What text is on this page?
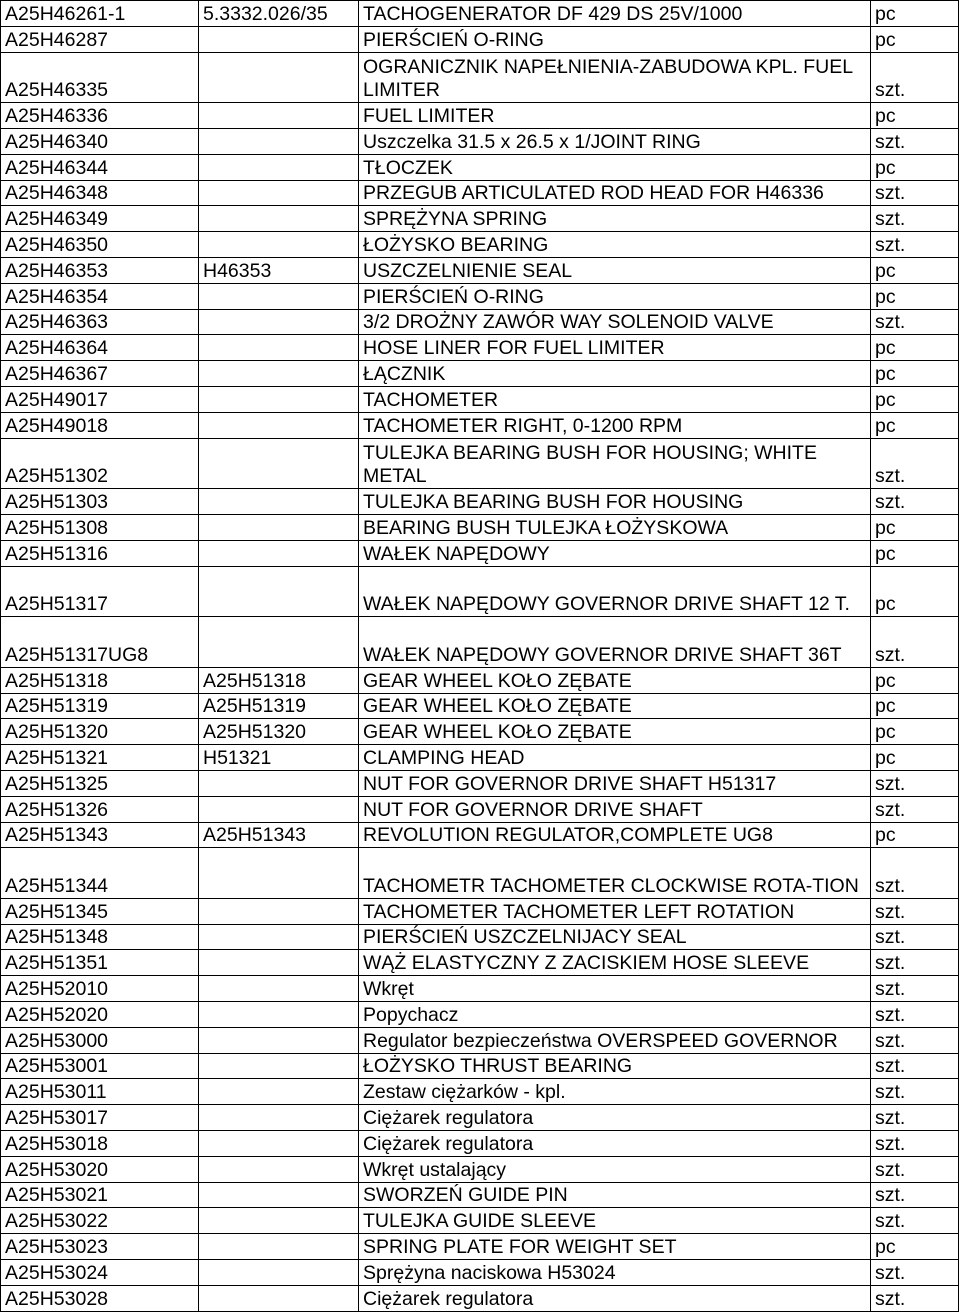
A25H46261-1	5.3332.026/35	TACHOGENERATOR DF 429 DS 25V/1000	pc
A25H46287		PIERŚCIEŃ O-RING	pc
A25H46335		OGRANICZNIK NAPEŁNIENIA-ZABUDOWA KPL. FUEL LIMITER	szt.
A25H46336		FUEL LIMITER	pc
A25H46340		Uszczelka 31.5 x 26.5 x 1/JOINT RING	szt.
A25H46344		TŁOCZEK	pc
A25H46348		PRZEGUB ARTICULATED ROD HEAD FOR H46336	szt.
A25H46349		SPRĘŻYNA SPRING	szt.
A25H46350		ŁOŻYSKO BEARING	szt.
A25H46353	H46353	USZCZELNIENIE SEAL	pc
A25H46354		PIERŚCIEŃ O-RING	pc
A25H46363		3/2 DROŻNY ZAWÓR WAY SOLENOID VALVE	szt.
A25H46364		HOSE LINER FOR FUEL LIMITER	pc
A25H46367		ŁĄCZNIK	pc
A25H49017		TACHOMETER	pc
A25H49018		TACHOMETER RIGHT, 0-1200 RPM	pc
A25H51302		TULEJKA BEARING BUSH FOR HOUSING; WHITE METAL	szt.
A25H51303		TULEJKA BEARING BUSH FOR HOUSING	szt.
A25H51308		BEARING BUSH TULEJKA ŁOŻYSKOWA	pc
A25H51316		WAŁEK NAPĘDOWY	pc
A25H51317		WAŁEK NAPĘDOWY GOVERNOR DRIVE SHAFT 12 T.	pc
A25H51317UG8		WAŁEK NAPĘDOWY GOVERNOR DRIVE SHAFT 36T	szt.
A25H51318	A25H51318	GEAR WHEEL KOŁO ZĘBATE	pc
A25H51319	A25H51319	GEAR WHEEL KOŁO ZĘBATE	pc
A25H51320	A25H51320	GEAR WHEEL KOŁO ZĘBATE	pc
A25H51321	H51321	CLAMPING HEAD	pc
A25H51325		NUT FOR GOVERNOR DRIVE SHAFT H51317	szt.
A25H51326		NUT FOR GOVERNOR DRIVE SHAFT	szt.
A25H51343	A25H51343	REVOLUTION REGULATOR,COMPLETE UG8	pc
A25H51344		TACHOMETR TACHOMETER CLOCKWISE ROTA-TION	szt.
A25H51345		TACHOMETER TACHOMETER LEFT ROTATION	szt.
A25H51348		PIERŚCIEŃ USZCZELNIJACY SEAL	szt.
A25H51351		WĄŻ ELASTYCZNY Z ZACISKIEM HOSE SLEEVE	szt.
A25H52010		Wkręt	szt.
A25H52020		Popychacz	szt.
A25H53000		Regulator bezpieczeństwa OVERSPEED GOVERNOR	szt.
A25H53001		ŁOŻYSKO THRUST BEARING	szt.
A25H53011		Zestaw ciężarków - kpl.	szt.
A25H53017		Ciężarek regulatora	szt.
A25H53018		Ciężarek regulatora	szt.
A25H53020		Wkręt ustalający	szt.
A25H53021		SWORZEŃ GUIDE PIN	szt.
A25H53022		TULEJKA GUIDE SLEEVE	szt.
A25H53023		SPRING PLATE FOR WEIGHT SET	pc
A25H53024		Sprężyna naciskowa H53024	szt.
A25H53028		Ciężarek regulatora	szt.
